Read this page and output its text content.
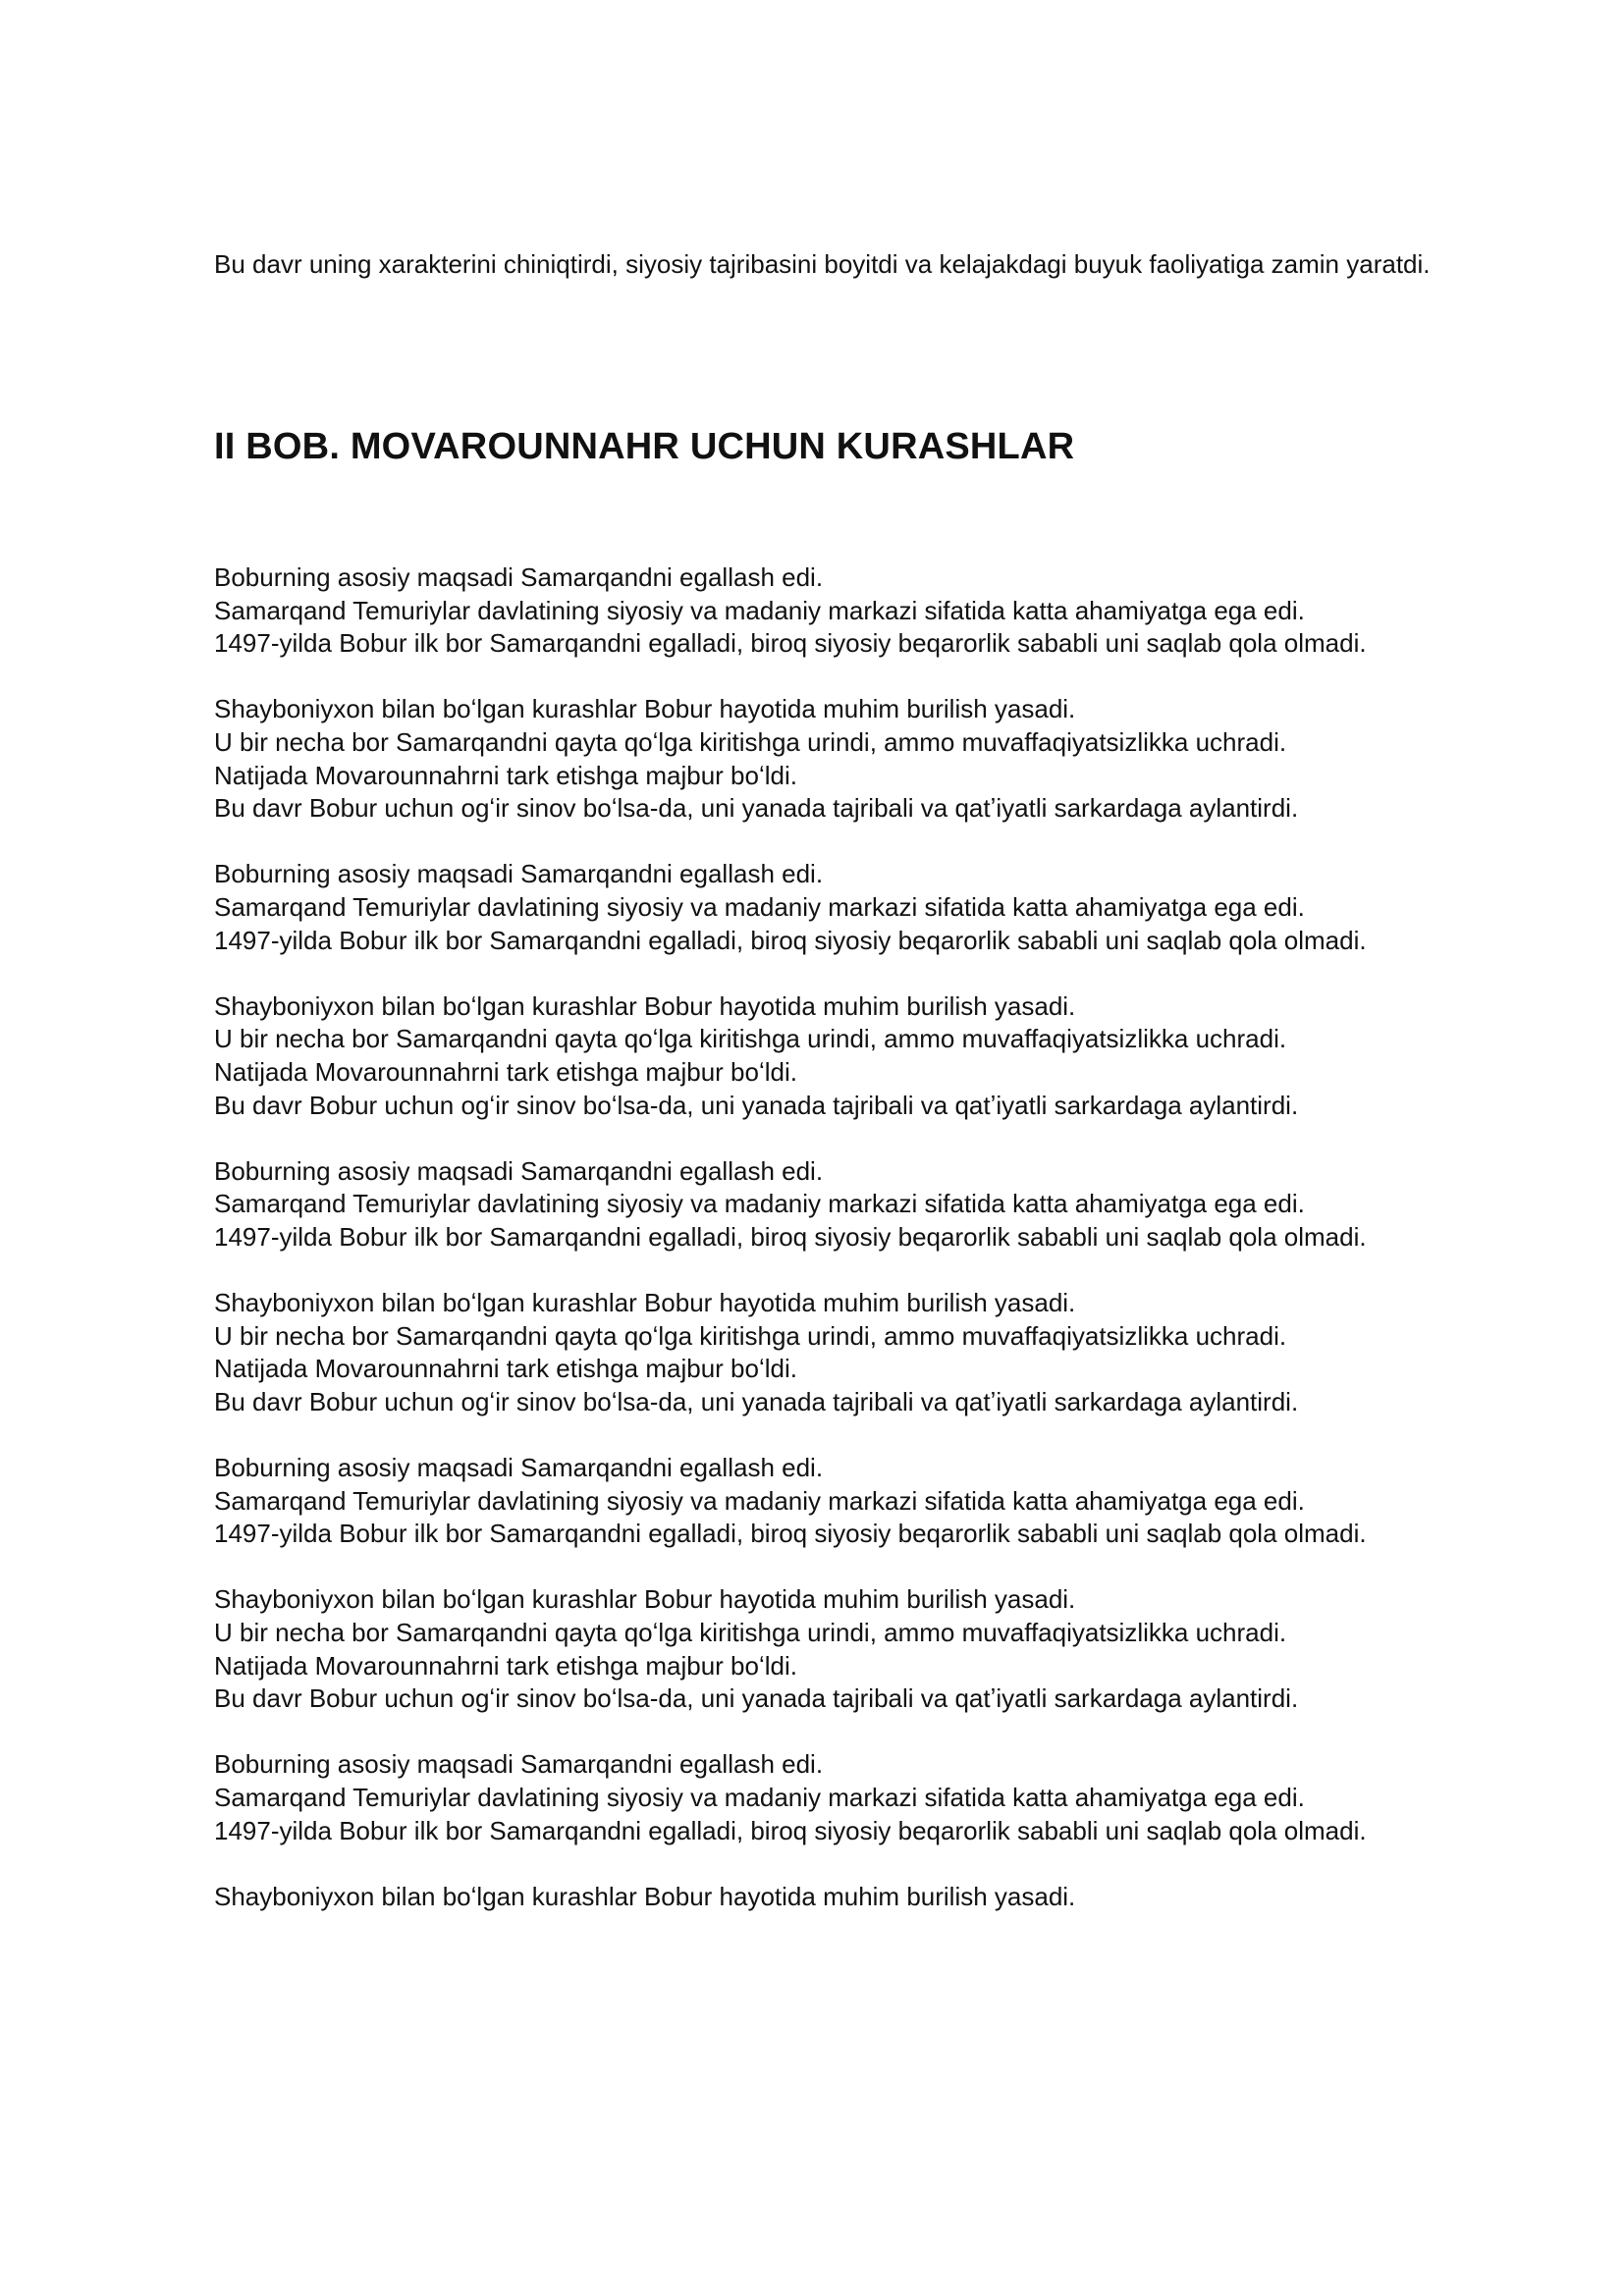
Bu davr uning xarakterini chiniqtirdi, siyosiy tajribasini boyitdi va kelajakdagi buyuk faoliyatiga zamin yaratdi.

II BOB. MOVAROUNNAHR UCHUN KURASHLAR

Boburning asosiy maqsadi Samarqandni egallash edi.
Samarqand Temuriylar davlatining siyosiy va madaniy markazi sifatida katta ahamiyatga ega edi.
1497-yilda Bobur ilk bor Samarqandni egalladi, biroq siyosiy beqarorlik sababli uni saqlab qola olmadi.

Shayboniyxon bilan boʻlgan kurashlar Bobur hayotida muhim burilish yasadi.
U bir necha bor Samarqandni qayta qoʻlga kiritishga urindi, ammo muvaffaqiyatsizlikka uchradi.
Natijada Movarounnahrni tark etishga majbur boʻldi.
Bu davr Bobur uchun ogʻir sinov boʻlsa-da, uni yanada tajribali va qatʼiyatli sarkardaga aylantirdi.

Boburning asosiy maqsadi Samarqandni egallash edi.
Samarqand Temuriylar davlatining siyosiy va madaniy markazi sifatida katta ahamiyatga ega edi.
1497-yilda Bobur ilk bor Samarqandni egalladi, biroq siyosiy beqarorlik sababli uni saqlab qola olmadi.

Shayboniyxon bilan boʻlgan kurashlar Bobur hayotida muhim burilish yasadi.
U bir necha bor Samarqandni qayta qoʻlga kiritishga urindi, ammo muvaffaqiyatsizlikka uchradi.
Natijada Movarounnahrni tark etishga majbur boʻldi.
Bu davr Bobur uchun ogʻir sinov boʻlsa-da, uni yanada tajribali va qatʼiyatli sarkardaga aylantirdi.

Boburning asosiy maqsadi Samarqandni egallash edi.
Samarqand Temuriylar davlatining siyosiy va madaniy markazi sifatida katta ahamiyatga ega edi.
1497-yilda Bobur ilk bor Samarqandni egalladi, biroq siyosiy beqarorlik sababli uni saqlab qola olmadi.

Shayboniyxon bilan boʻlgan kurashlar Bobur hayotida muhim burilish yasadi.
U bir necha bor Samarqandni qayta qoʻlga kiritishga urindi, ammo muvaffaqiyatsizlikka uchradi.
Natijada Movarounnahrni tark etishga majbur boʻldi.
Bu davr Bobur uchun ogʻir sinov boʻlsa-da, uni yanada tajribali va qatʼiyatli sarkardaga aylantirdi.

Boburning asosiy maqsadi Samarqandni egallash edi.
Samarqand Temuriylar davlatining siyosiy va madaniy markazi sifatida katta ahamiyatga ega edi.
1497-yilda Bobur ilk bor Samarqandni egalladi, biroq siyosiy beqarorlik sababli uni saqlab qola olmadi.

Shayboniyxon bilan boʻlgan kurashlar Bobur hayotida muhim burilish yasadi.
U bir necha bor Samarqandni qayta qoʻlga kiritishga urindi, ammo muvaffaqiyatsizlikka uchradi.
Natijada Movarounnahrni tark etishga majbur boʻldi.
Bu davr Bobur uchun ogʻir sinov boʻlsa-da, uni yanada tajribali va qatʼiyatli sarkardaga aylantirdi.

Boburning asosiy maqsadi Samarqandni egallash edi.
Samarqand Temuriylar davlatining siyosiy va madaniy markazi sifatida katta ahamiyatga ega edi.
1497-yilda Bobur ilk bor Samarqandni egalladi, biroq siyosiy beqarorlik sababli uni saqlab qola olmadi.

Shayboniyxon bilan boʻlgan kurashlar Bobur hayotida muhim burilish yasadi.
